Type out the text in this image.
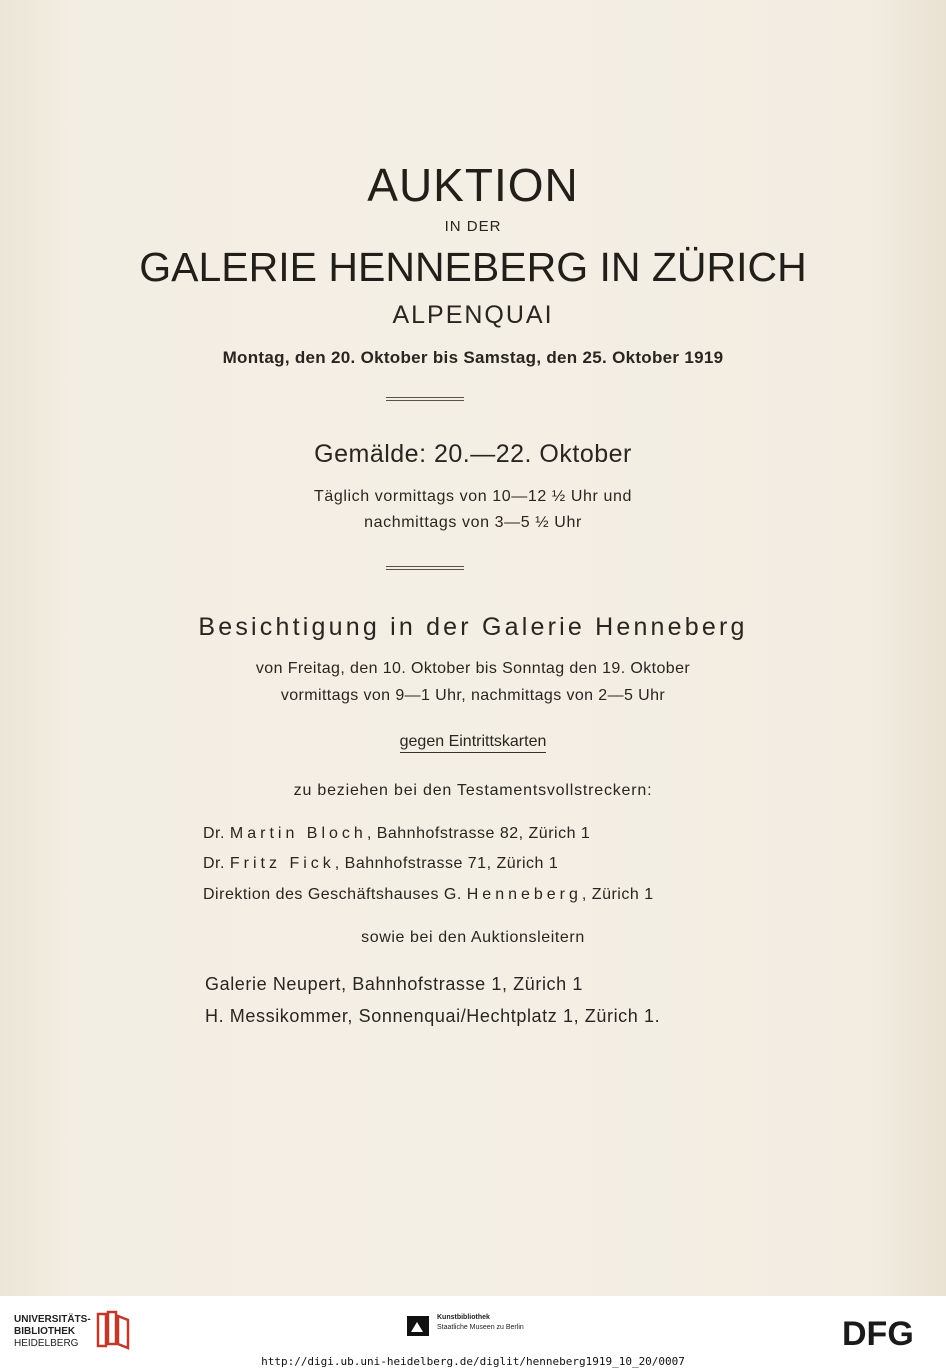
AUKTION
IN DER
GALERIE HENNEBERG IN ZÜRICH
ALPENQUAI
Montag, den 20. Oktober bis Samstag, den 25. Oktober 1919
Gemälde: 20.—22. Oktober
Täglich vormittags von 10—12 ½ Uhr und
nachmittags von 3—5 ½ Uhr
Besichtigung in der Galerie Henneberg
von Freitag, den 10. Oktober bis Sonntag den 19. Oktober
vormittags von 9—1 Uhr, nachmittags von 2—5 Uhr
gegen Eintrittskarten
zu beziehen bei den Testamentsvollstreckern:
Dr. Martin Bloch, Bahnhofstrasse 82, Zürich 1
Dr. Fritz Fick, Bahnhofstrasse 71, Zürich 1
Direktion des Geschäftshauses G. Henneberg, Zürich 1
sowie bei den Auktionsleitern
Galerie Neupert, Bahnhofstrasse 1, Zürich 1
H. Messikommer, Sonnenquai/Hechtplatz 1, Zürich 1.
UNIVERSITÄTS-
BIBLIOTHEK
HEIDELBERG
Kunstbibliothek
Staatliche Museen zu Berlin	DFG
http://digi.ub.uni-heidelberg.de/diglit/henneberg1919_10_20/0007
